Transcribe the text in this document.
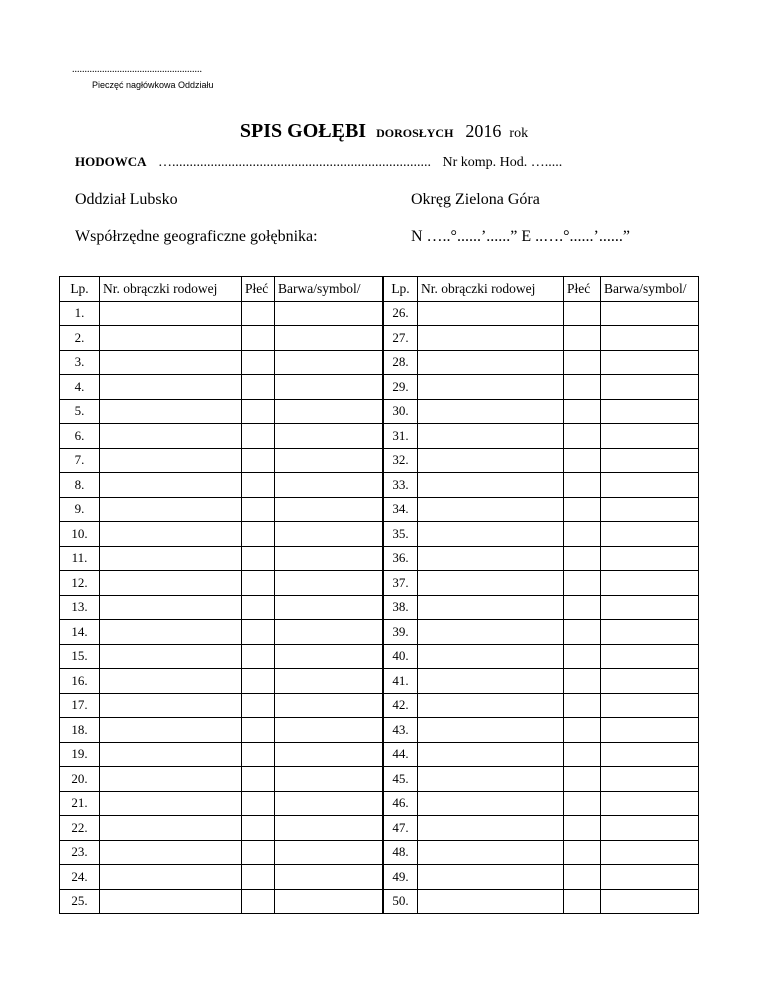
....................................................
Pieczęć nagłówkowa Oddziału
SPIS GOŁĘBI DOROSŁYCH 2016 rok
HODOWCA ….......................................................................... Nr komp. Hod. ….....
Oddział Lubsko	Okręg Zielona Góra
Współrzędne geograficzne gołębnika:	N …..°......’......” E ..….°......’......”
Lp.	Nr. obrączki rodowej	Płeć	Barwa/symbol/		Lp.	Nr. obrączki rodowej	Płeć	Barwa/symbol/
1.					26.			
2.					27.			
3.					28.			
4.					29.			
5.					30.			
6.					31.			
7.					32.			
8.					33.			
9.					34.			
10.					35.			
11.					36.			
12.					37.			
13.					38.			
14.					39.			
15.					40.			
16.					41.			
17.					42.			
18.					43.			
19.					44.			
20.					45.			
21.					46.			
22.					47.			
23.					48.			
24.					49.			
25.					50.			
